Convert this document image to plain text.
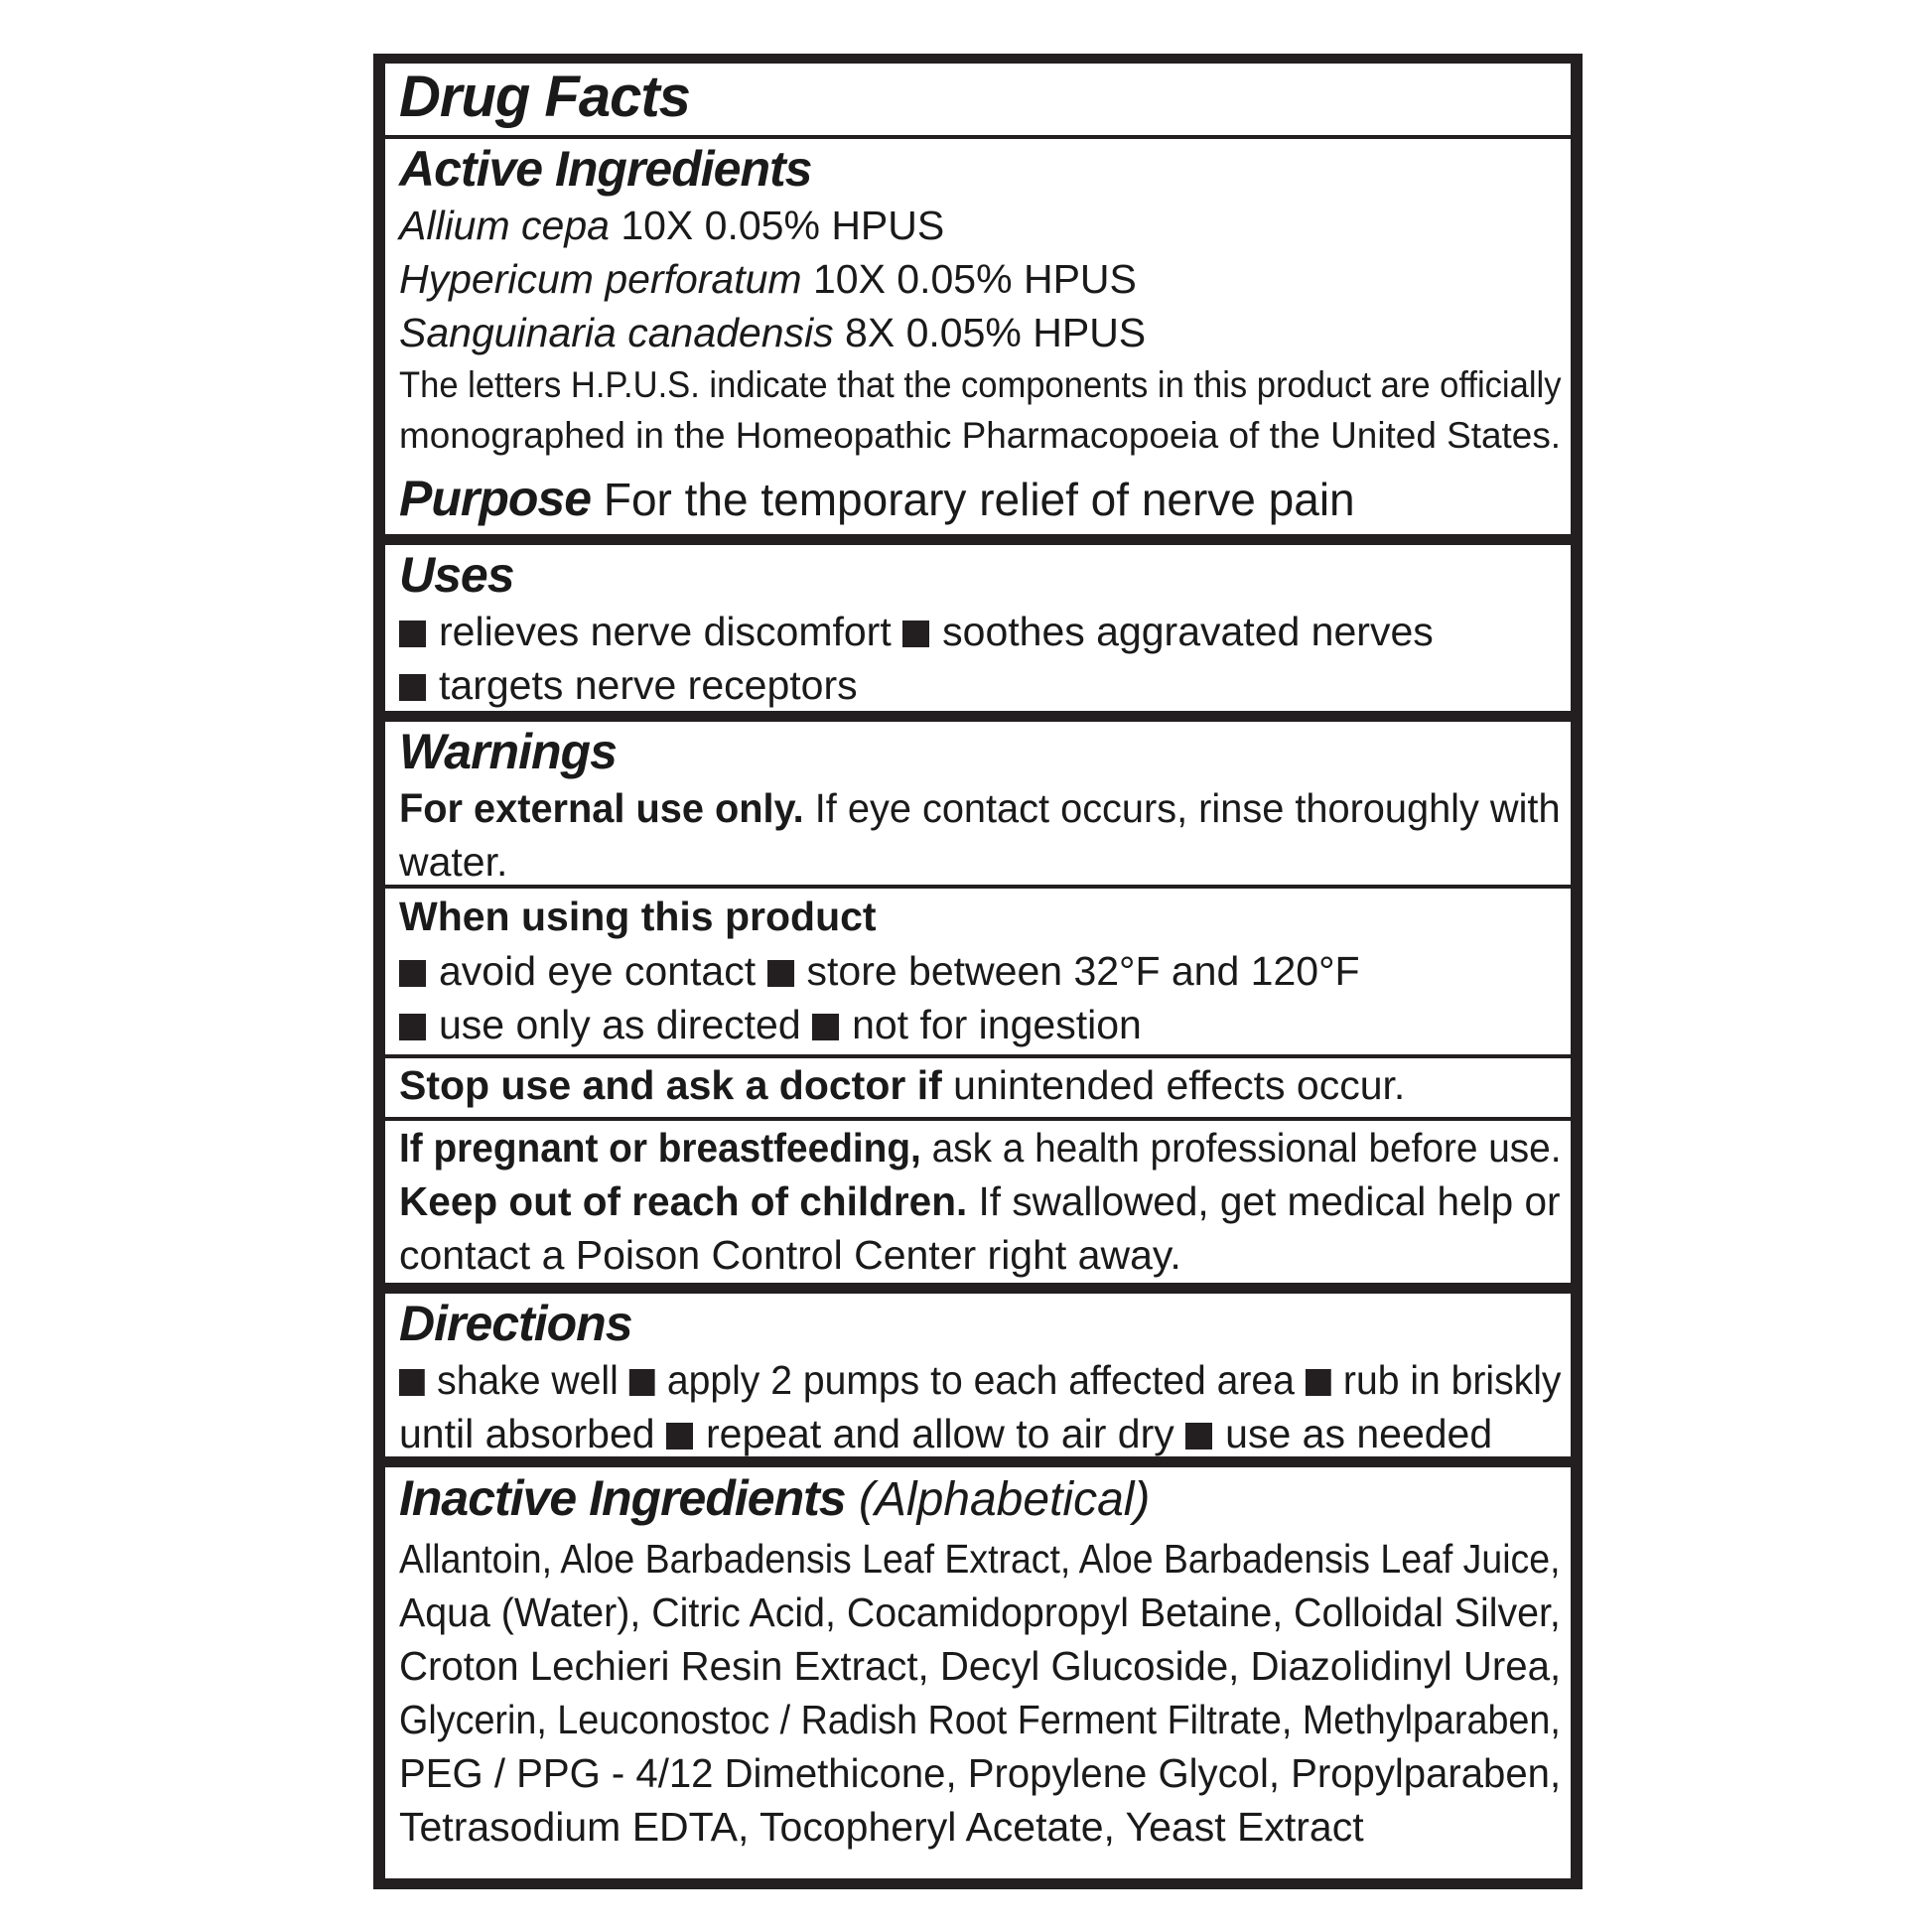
Drug Facts
Active Ingredients
Allium cepa 10X 0.05% HPUS
Hypericum perforatum 10X 0.05% HPUS
Sanguinaria canadensis 8X 0.05% HPUS
The letters H.P.U.S. indicate that the components in this product are officially
monographed in the Homeopathic Pharmacopoeia of the United States.
Purpose For the temporary relief of nerve pain
Uses
relieves nerve discomfort soothes aggravated nerves
targets nerve receptors
Warnings
For external use only. If eye contact occurs, rinse thoroughly with
water.
When using this product
avoid eye contact store between 32°F and 120°F
use only as directed not for ingestion
Stop use and ask a doctor if unintended effects occur.
If pregnant or breastfeeding, ask a health professional before use.
Keep out of reach of children. If swallowed, get medical help or
contact a Poison Control Center right away.
Directions
shake well apply 2 pumps to each affected area rub in briskly
until absorbed repeat and allow to air dry use as needed
Inactive Ingredients (Alphabetical)
Allantoin, Aloe Barbadensis Leaf Extract, Aloe Barbadensis Leaf Juice,
Aqua (Water), Citric Acid, Cocamidopropyl Betaine, Colloidal Silver,
Croton Lechieri Resin Extract, Decyl Glucoside, Diazolidinyl Urea,
Glycerin, Leuconostoc / Radish Root Ferment Filtrate, Methylparaben,
PEG / PPG - 4/12 Dimethicone, Propylene Glycol, Propylparaben,
Tetrasodium EDTA, Tocopheryl Acetate, Yeast Extract
